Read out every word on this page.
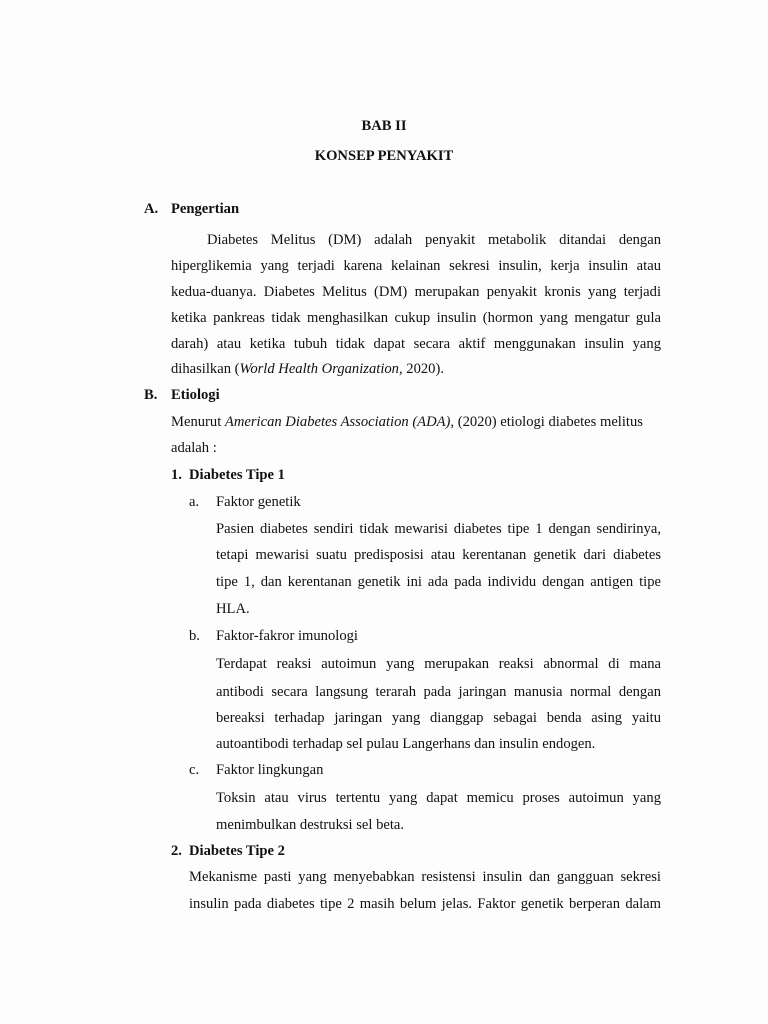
BAB II
KONSEP PENYAKIT
A. Pengertian
Diabetes Melitus (DM) adalah penyakit metabolik ditandai dengan
hiperglikemia yang terjadi karena kelainan sekresi insulin, kerja insulin atau
kedua-duanya. Diabetes Melitus (DM) merupakan penyakit kronis yang terjadi
ketika pankreas tidak menghasilkan cukup insulin (hormon yang mengatur gula
darah) atau ketika tubuh tidak dapat secara aktif menggunakan insulin yang
dihasilkan (World Health Organization, 2020).
B. Etiologi
Menurut American Diabetes Association (ADA), (2020) etiologi diabetes melitus
adalah :
1. Diabetes Tipe 1
a. Faktor genetik
Pasien diabetes sendiri tidak mewarisi diabetes tipe 1 dengan sendirinya,
tetapi mewarisi suatu predisposisi atau kerentanan genetik dari diabetes
tipe 1, dan kerentanan genetik ini ada pada individu dengan antigen tipe
HLA.
b. Faktor-fakror imunologi
Terdapat reaksi autoimun yang merupakan reaksi abnormal di mana
antibodi secara langsung terarah pada jaringan manusia normal dengan
bereaksi terhadap jaringan yang dianggap sebagai benda asing yaitu
autoantibodi terhadap sel pulau Langerhans dan insulin endogen.
c. Faktor lingkungan
Toksin atau virus tertentu yang dapat memicu proses autoimun yang
menimbulkan destruksi sel beta.
2. Diabetes Tipe 2
Mekanisme pasti yang menyebabkan resistensi insulin dan gangguan sekresi
insulin pada diabetes tipe 2 masih belum jelas. Faktor genetik berperan dalam
